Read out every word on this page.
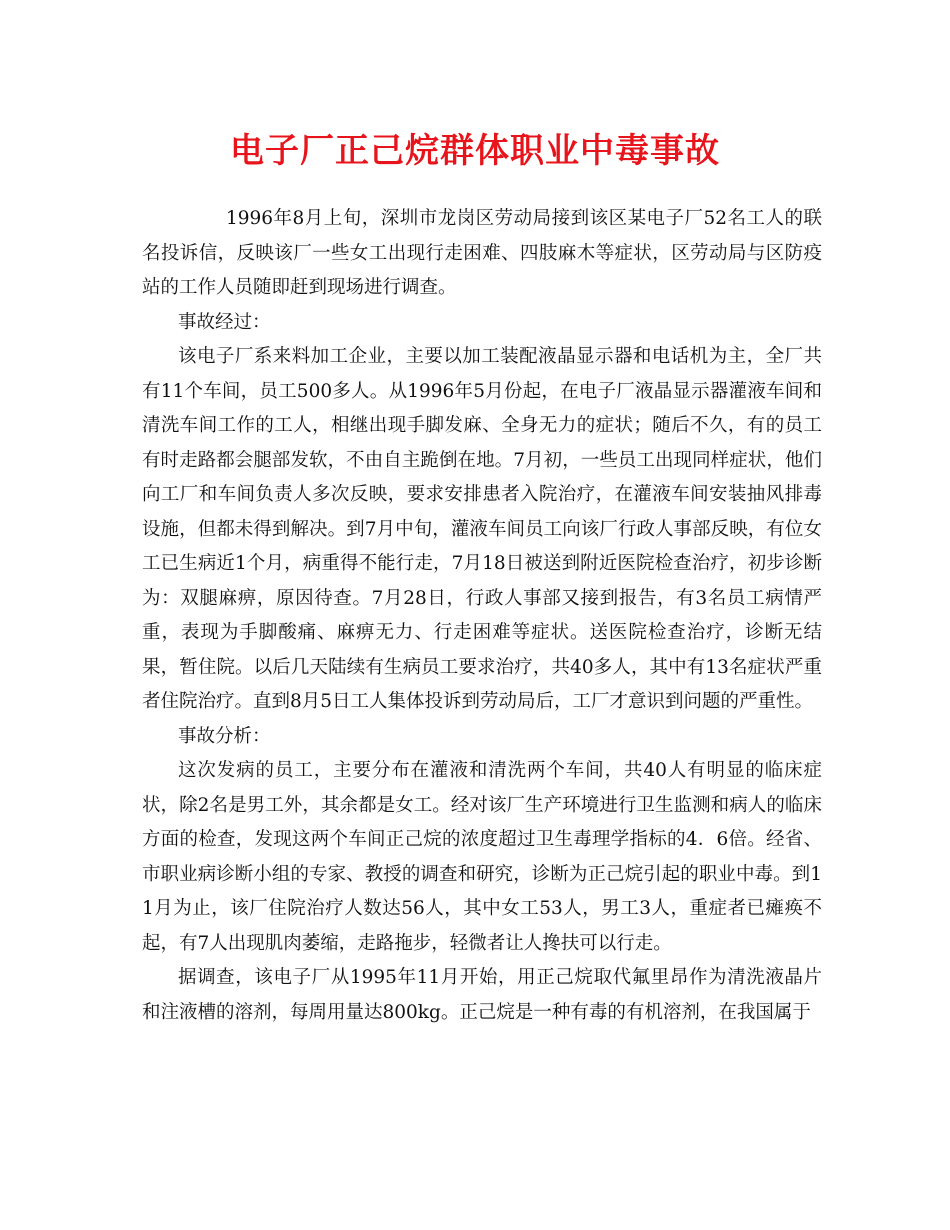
电子厂正己烷群体职业中毒事故

1996年8月上旬，深圳市龙岗区劳动局接到该区某电子厂52名工人的联名投诉信，反映该厂一些女工出现行走困难、四肢麻木等症状，区劳动局与区防疫站的工作人员随即赶到现场进行调查。

事故经过：

该电子厂系来料加工企业，主要以加工装配液晶显示器和电话机为主，全厂共有11个车间，员工500多人。从1996年5月份起，在电子厂液晶显示器灌液车间和清洗车间工作的工人，相继出现手脚发麻、全身无力的症状；随后不久，有的员工有时走路都会腿部发软，不由自主跪倒在地。7月初，一些员工出现同样症状，他们向工厂和车间负责人多次反映，要求安排患者入院治疗，在灌液车间安装抽风排毒设施，但都未得到解决。到7月中旬，灌液车间员工向该厂行政人事部反映，有位女工已生病近1个月，病重得不能行走，7月18日被送到附近医院检查治疗，初步诊断为：双腿麻痹，原因待查。7月28日，行政人事部又接到报告，有3名员工病情严重，表现为手脚酸痛、麻痹无力、行走困难等症状。送医院检查治疗，诊断无结果，暂住院。以后几天陆续有生病员工要求治疗，共40多人，其中有13名症状严重者住院治疗。直到8月5日工人集体投诉到劳动局后，工厂才意识到问题的严重性。

事故分析：

这次发病的员工，主要分布在灌液和清洗两个车间，共40人有明显的临床症状，除2名是男工外，其余都是女工。经对该厂生产环境进行卫生监测和病人的临床方面的检查，发现这两个车间正己烷的浓度超过卫生毒理学指标的4．6倍。经省、市职业病诊断小组的专家、教授的调查和研究，诊断为正己烷引起的职业中毒。到11月为止，该厂住院治疗人数达56人，其中女工53人，男工3人，重症者已瘫痪不起，有7人出现肌肉萎缩，走路拖步，轻微者让人搀扶可以行走。

据调查，该电子厂从1995年11月开始，用正己烷取代氟里昂作为清洗液晶片和注液槽的溶剂，每周用量达800kg。正己烷是一种有毒的有机溶剂，在我国属于
